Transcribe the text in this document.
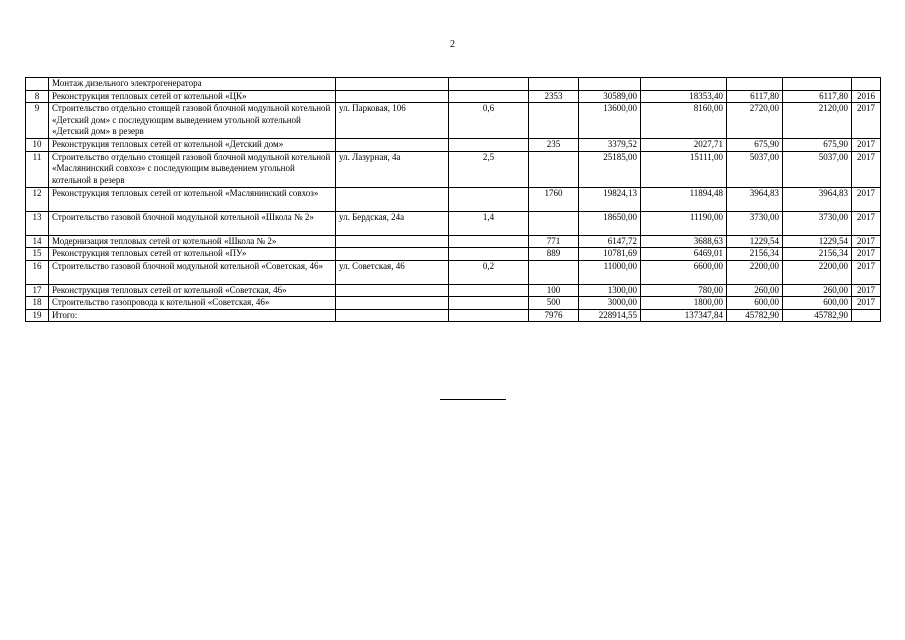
2
	Монтаж дизельного электрогенератора								
8	Реконструкция тепловых сетей от котельной «ЦК»			2353	30589,00	18353,40	6117,80	6117,80	2016
9	Строительство отдельно стоящей газовой блочной модульной котельной «Детский дом» с последующим выведением угольной котельной «Детский дом» в резерв	ул. Парковая, 106	0,6		13600,00	8160,00	2720,00	2120,00	2017
10	Реконструкция тепловых сетей от котельной «Детский дом»			235	3379,52	2027,71	675,90	675,90	2017
11	Строительство отдельно стоящей газовой блочной модульной котельной «Маслянинский совхоз» с последующим выведением угольной котельной в резерв	ул. Лазурная, 4а	2,5		25185,00	15111,00	5037,00	5037,00	2017
12	Реконструкция тепловых сетей от котельной «Маслянинский совхоз»			1760	19824,13	11894,48	3964,83	3964,83	2017
13	Строительство газовой блочной модульной котельной «Школа № 2»	ул. Бердская, 24а	1,4		18650,00	11190,00	3730,00	3730,00	2017
14	Модернизация тепловых сетей от котельной «Школа № 2»			771	6147,72	3688,63	1229,54	1229,54	2017
15	Реконструкция тепловых сетей от котельной «ПУ»			889	10781,69	6469,01	2156,34	2156,34	2017
16	Строительство газовой блочной модульной котельной «Советская, 46»	ул. Советская, 46	0,2		11000,00	6600,00	2200,00	2200,00	2017
17	Реконструкция тепловых сетей от котельной «Советская, 46»			100	1300,00	780,00	260,00	260,00	2017
18	Строительство газопровода к котельной «Советская, 46»			500	3000,00	1800,00	600,00	600,00	2017
19	Итого:			7976	228914,55	137347,84	45782,90	45782,90	
